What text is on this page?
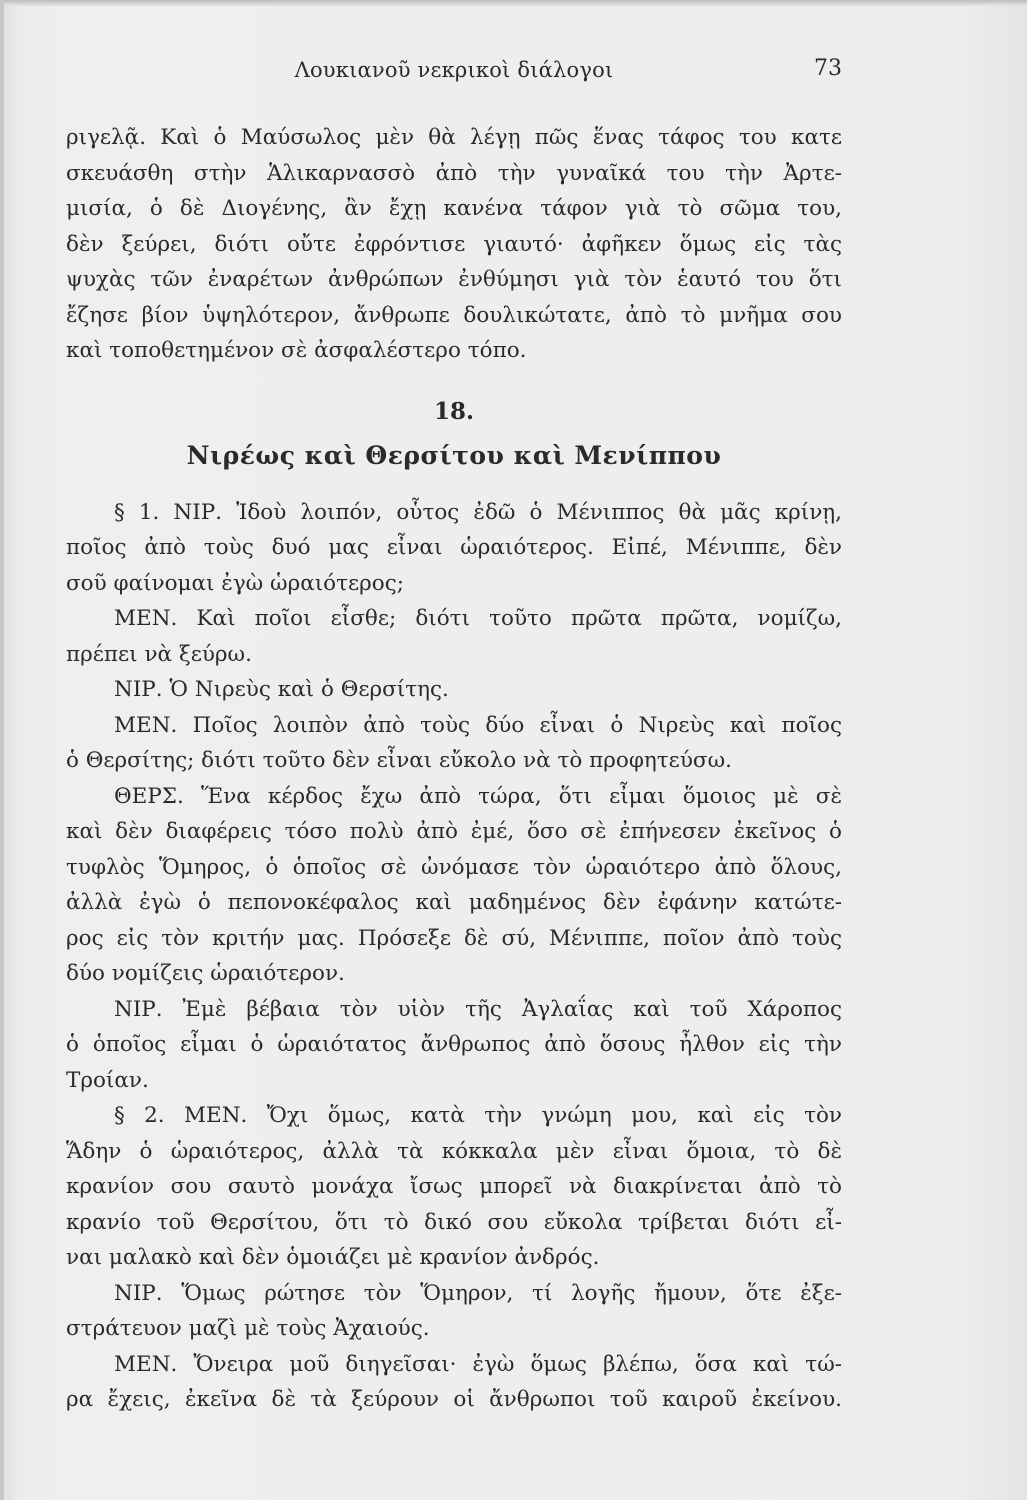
Λουκιανοῦ νεκρικοὶ διάλογοι	73
ριγελᾷ. Καὶ ὁ Μαύσωλος μὲν θὰ λέγῃ πῶς ἕνας τάφος του κατε
σκευάσθη στὴν Ἁλικαρνασσὸ ἀπὸ τὴν γυναῖκά του τὴν Ἀρτε-
μισία, ὁ δὲ Διογένης, ἂν ἔχῃ κανένα τάφον γιὰ τὸ σῶμα του,
δὲν ξεύρει, διότι οὔτε ἐφρόντισε γιαυτό· ἀφῆκεν ὅμως εἰς τὰς
ψυχὰς τῶν ἐναρέτων ἀνθρώπων ἐνθύμησι γιὰ τὸν ἑαυτό του ὅτι
ἔζησε βίον ὑψηλότερον, ἄνθρωπε δουλικώτατε, ἀπὸ τὸ μνῆμα σου
καὶ τοποθετημένον σὲ ἀσφαλέστερο τόπο.
18.
Νιρέως καὶ Θερσίτου καὶ Μενίππου
§ 1. ΝΙΡ. Ἰδοὺ λοιπόν, οὗτος ἐδῶ ὁ Μένιππος θὰ μᾶς κρίνῃ,
ποῖος ἀπὸ τοὺς δυό μας εἶναι ὡραιότερος. Εἰπέ, Μένιππε, δὲν
σοῦ φαίνομαι ἐγὼ ὡραιότερος;
ΜΕΝ. Καὶ ποῖοι εἶσθε; διότι τοῦτο πρῶτα πρῶτα, νομίζω,
πρέπει νὰ ξεύρω.
ΝΙΡ. Ὁ Νιρεὺς καὶ ὁ Θερσίτης.
ΜΕΝ. Ποῖος λοιπὸν ἀπὸ τοὺς δύο εἶναι ὁ Νιρεὺς καὶ ποῖος
ὁ Θερσίτης; διότι τοῦτο δὲν εἶναι εὔκολο νὰ τὸ προφητεύσω.
ΘΕΡΣ. Ἕνα κέρδος ἔχω ἀπὸ τώρα, ὅτι εἶμαι ὅμοιος μὲ σὲ
καὶ δὲν διαφέρεις τόσο πολὺ ἀπὸ ἐμέ, ὅσο σὲ ἐπήνεσεν ἐκεῖνος ὁ
τυφλὸς Ὅμηρος, ὁ ὁποῖος σὲ ὠνόμασε τὸν ὡραιότερο ἀπὸ ὅλους,
ἀλλὰ ἐγὼ ὁ πεπονοκέφαλος καὶ μαδημένος δὲν ἐφάνην κατώτε-
ρος εἰς τὸν κριτήν μας. Πρόσεξε δὲ σύ, Μένιππε, ποῖον ἀπὸ τοὺς
δύο νομίζεις ὡραιότερον.
ΝΙΡ. Ἐμὲ βέβαια τὸν υἱὸν τῆς Ἀγλαΐας καὶ τοῦ Χάροπος
ὁ ὁποῖος εἶμαι ὁ ὡραιότατος ἄνθρωπος ἀπὸ ὅσους ἦλθον εἰς τὴν
Τροίαν.
§ 2. ΜΕΝ. Ὄχι ὅμως, κατὰ τὴν γνώμη μου, καὶ εἰς τὸν
Ἅδην ὁ ὡραιότερος, ἀλλὰ τὰ κόκκαλα μὲν εἶναι ὅμοια, τὸ δὲ
κρανίον σου σαυτὸ μονάχα ἴσως μπορεῖ νὰ διακρίνεται ἀπὸ τὸ
κρανίο τοῦ Θερσίτου, ὅτι τὸ δικό σου εὔκολα τρίβεται διότι εἶ-
ναι μαλακὸ καὶ δὲν ὁμοιάζει μὲ κρανίον ἀνδρός.
ΝΙΡ. Ὅμως ρώτησε τὸν Ὅμηρον, τί λογῆς ἤμουν, ὅτε ἐξε-
στράτευον μαζὶ μὲ τοὺς Ἀχαιούς.
ΜΕΝ. Ὄνειρα μοῦ διηγεῖσαι· ἐγὼ ὅμως βλέπω, ὅσα καὶ τώ-
ρα ἔχεις, ἐκεῖνα δὲ τὰ ξεύρουν οἱ ἄνθρωποι τοῦ καιροῦ ἐκείνου.
